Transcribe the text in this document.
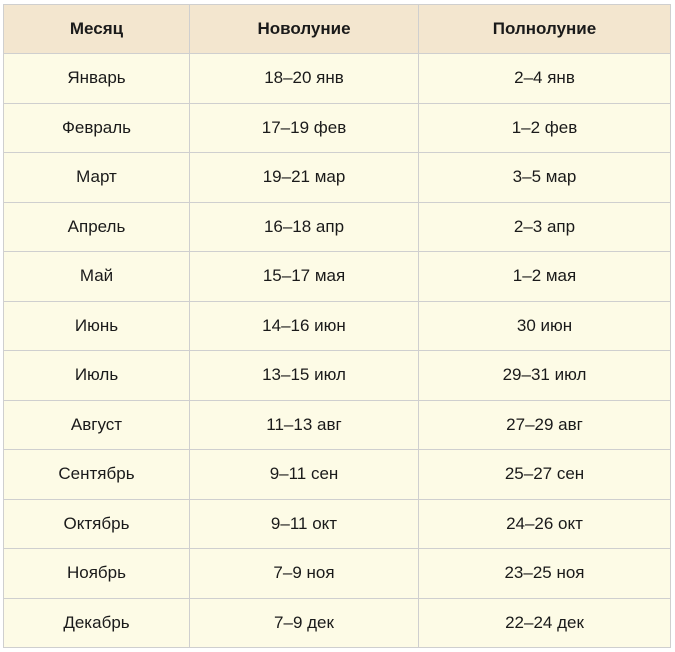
Месяц	Новолуние	Полнолуние
Январь	18–20 янв	2–4 янв
Февраль	17–19 фев	1–2 фев
Март	19–21 мар	3–5 мар
Апрель	16–18 апр	2–3 апр
Май	15–17 мая	1–2 мая
Июнь	14–16 июн	30 июн
Июль	13–15 июл	29–31 июл
Август	11–13 авг	27–29 авг
Сентябрь	9–11 сен	25–27 сен
Октябрь	9–11 окт	24–26 окт
Ноябрь	7–9 ноя	23–25 ноя
Декабрь	7–9 дек	22–24 дек
